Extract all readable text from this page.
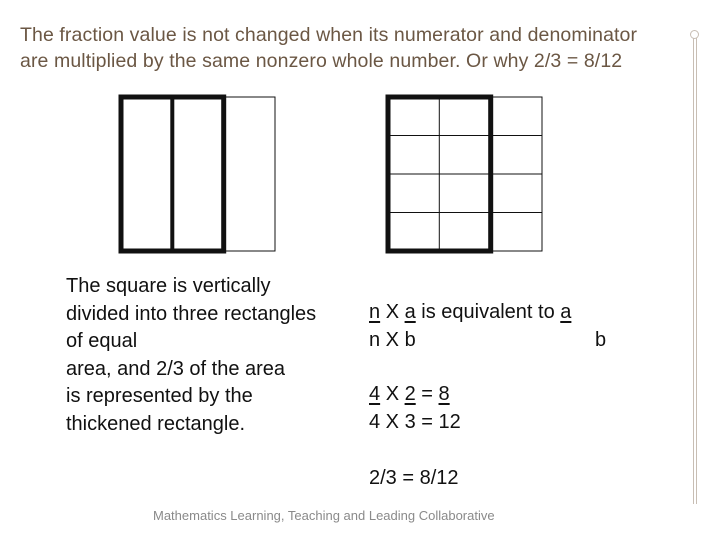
The fraction value is not changed when its numerator and denominator
are multiplied by the same nonzero whole number. Or why 2/3 = 8/12
The square is vertically
divided into three rectangles
of equal
area, and 2/3 of the area
is represented by the
thickened rectangle.
n X a is equivalent to a
n X b	b
4 X 2 = 8
4 X 3 = 12
2/3 = 8/12
Mathematics Learning, Teaching and Leading Collaborative
